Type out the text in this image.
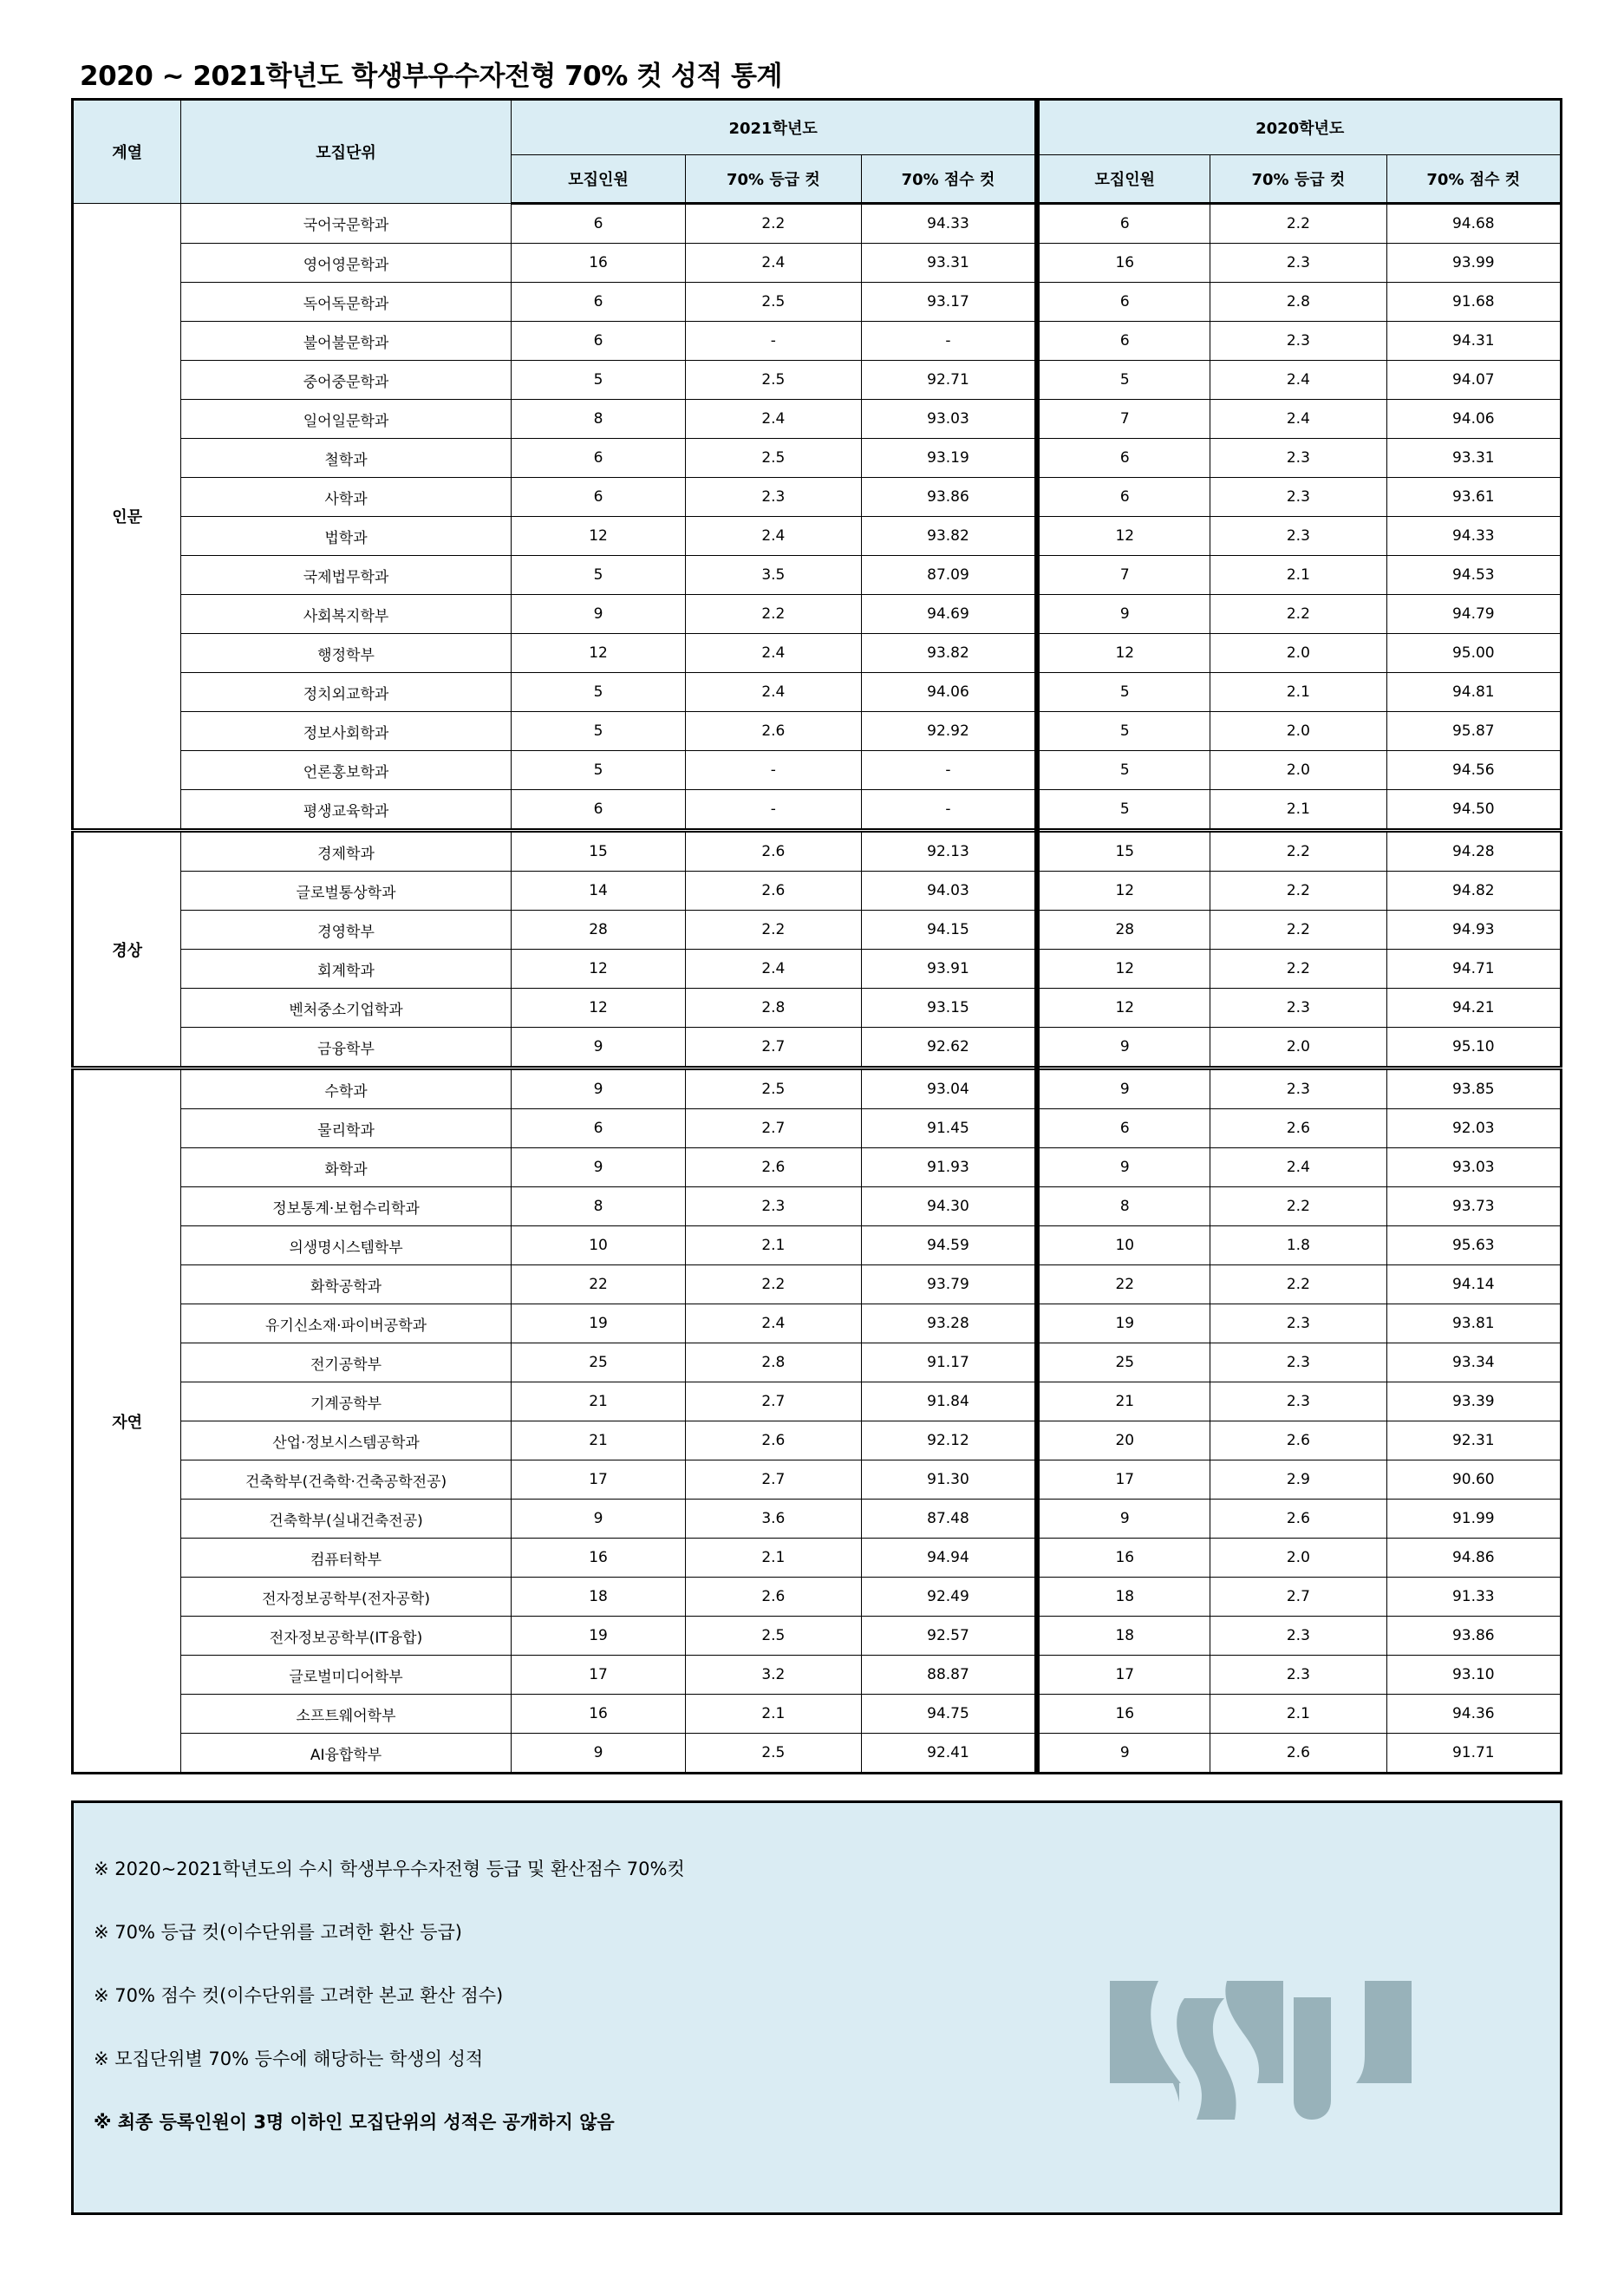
2020 ~ 2021학년도 학생부우수자전형 70% 컷 성적 통계
계열	모집단위	2021학년도			2020학년도		
		모집인원	70% 등급 컷	70% 점수 컷	모집인원	70% 등급 컷	70% 점수 컷
인문	국어국문학과	6	2.2	94.33	6	2.2	94.68
	영어영문학과	16	2.4	93.31	16	2.3	93.99
	독어독문학과	6	2.5	93.17	6	2.8	91.68
	불어불문학과	6	-	-	6	2.3	94.31
	중어중문학과	5	2.5	92.71	5	2.4	94.07
	일어일문학과	8	2.4	93.03	7	2.4	94.06
	철학과	6	2.5	93.19	6	2.3	93.31
	사학과	6	2.3	93.86	6	2.3	93.61
	법학과	12	2.4	93.82	12	2.3	94.33
	국제법무학과	5	3.5	87.09	7	2.1	94.53
	사회복지학부	9	2.2	94.69	9	2.2	94.79
	행정학부	12	2.4	93.82	12	2.0	95.00
	정치외교학과	5	2.4	94.06	5	2.1	94.81
	정보사회학과	5	2.6	92.92	5	2.0	95.87
	언론홍보학과	5	-	-	5	2.0	94.56
	평생교육학과	6	-	-	5	2.1	94.50
경상	경제학과	15	2.6	92.13	15	2.2	94.28
	글로벌통상학과	14	2.6	94.03	12	2.2	94.82
	경영학부	28	2.2	94.15	28	2.2	94.93
	회계학과	12	2.4	93.91	12	2.2	94.71
	벤처중소기업학과	12	2.8	93.15	12	2.3	94.21
	금융학부	9	2.7	92.62	9	2.0	95.10
자연	수학과	9	2.5	93.04	9	2.3	93.85
	물리학과	6	2.7	91.45	6	2.6	92.03
	화학과	9	2.6	91.93	9	2.4	93.03
	정보통계·보험수리학과	8	2.3	94.30	8	2.2	93.73
	의생명시스템학부	10	2.1	94.59	10	1.8	95.63
	화학공학과	22	2.2	93.79	22	2.2	94.14
	유기신소재·파이버공학과	19	2.4	93.28	19	2.3	93.81
	전기공학부	25	2.8	91.17	25	2.3	93.34
	기계공학부	21	2.7	91.84	21	2.3	93.39
	산업·정보시스템공학과	21	2.6	92.12	20	2.6	92.31
	건축학부(건축학·건축공학전공)	17	2.7	91.30	17	2.9	90.60
	건축학부(실내건축전공)	9	3.6	87.48	9	2.6	91.99
	컴퓨터학부	16	2.1	94.94	16	2.0	94.86
	전자정보공학부(전자공학)	18	2.6	92.49	18	2.7	91.33
	전자정보공학부(IT융합)	19	2.5	92.57	18	2.3	93.86
	글로벌미디어학부	17	3.2	88.87	17	2.3	93.10
	소프트웨어학부	16	2.1	94.75	16	2.1	94.36
	AI융합학부	9	2.5	92.41	9	2.6	91.71
※ 2020~2021학년도의 수시 학생부우수자전형 등급 및 환산점수 70%컷
※ 70% 등급 컷(이수단위를 고려한 환산 등급)
※ 70% 점수 컷(이수단위를 고려한 본교 환산 점수)
※ 모집단위별 70% 등수에 해당하는 학생의 성적
※ 최종 등록인원이 3명 이하인 모집단위의 성적은 공개하지 않음
